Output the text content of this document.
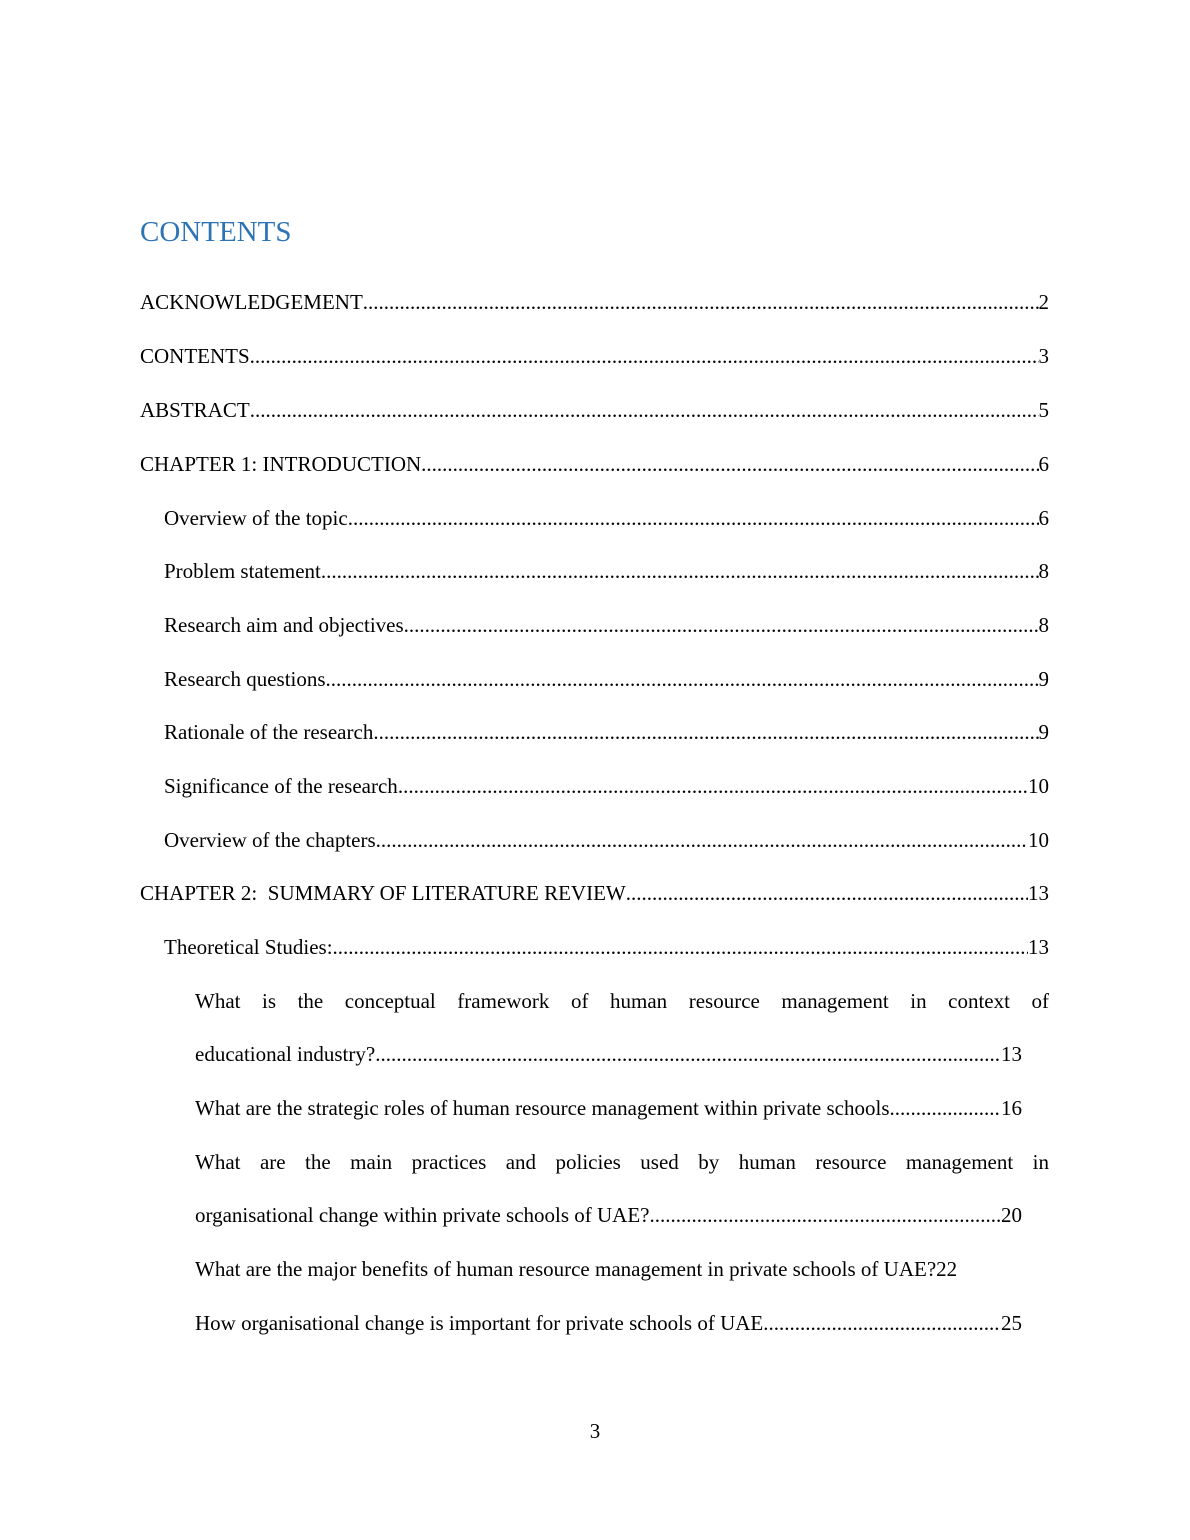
CONTENTS
ACKNOWLEDGEMENT .....	2
CONTENTS .....	3
ABSTRACT .....	5
CHAPTER 1: INTRODUCTION .....	6
Overview of the topic .....	6
Problem statement .....	8
Research aim and objectives .....	8
Research questions .....	9
Rationale of the research .....	9
Significance of the research .....	10
Overview of the chapters .....	10
CHAPTER 2:  SUMMARY OF LITERATURE REVIEW .....	13
Theoretical Studies: .....	13
What is the conceptual framework of human resource management in context of
educational industry? .....	13
What are the strategic roles of human resource management within private schools .....	16
What are the main practices and policies used by human resource management in
organisational change within private schools of UAE? .....	20
What are the major benefits of human resource management in private schools of UAE?22
How organisational change is important for private schools of UAE .....	25
3
